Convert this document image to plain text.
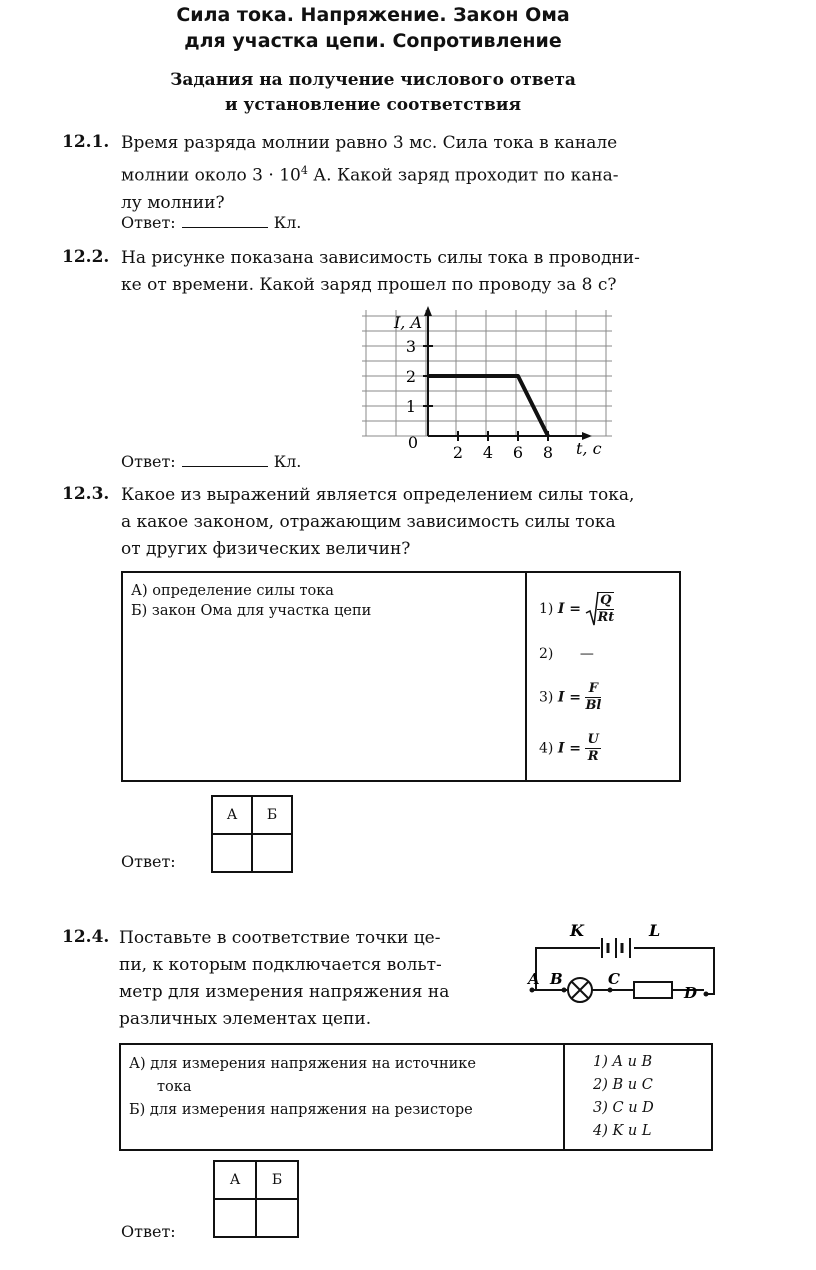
Сила тока. Напряжение. Закон Ома
для участка цепи. Сопротивление
Задания на получение числового ответа
и установление соответствия
12.1. Время разряда молнии равно 3 мс. Сила тока в канале
молнии около $3 \cdot 10^4$ А. Какой заряд проходит по кана-
лу молнии?
Ответ:	Кл.
12.2. На рисунке показана зависимость силы тока в проводни-
ке от времени. Какой заряд прошел по проводу за 8 с?
Ответ:	Кл.	2 4 6 8
1
2
3
0
I, A
t, c
12.3. Какое из выражений является определением силы тока,
а какое законом, отражающим зависимость силы тока
от других физических величин?
А) определение силы тока
Б) закон Ома для участка цепи	1) $I = \frac{Q}{Rt}$
2) —
3) $I = \frac{F}{Bl}$
4) $I = \frac{U}{R}$
Ответ:
А	Б

12.4. Поставьте в соответствие точки це-
пи, к которым подключается вольт-
метр для измерения напряжения на
различных элементах цепи.
K	L
A B	C
D
А) для измерения напряжения на источнике
тока
Б) для измерения напряжения на резисторе
1) A и B
2) B и C
3) C и D
4) K и L
Ответ:
А	Б
